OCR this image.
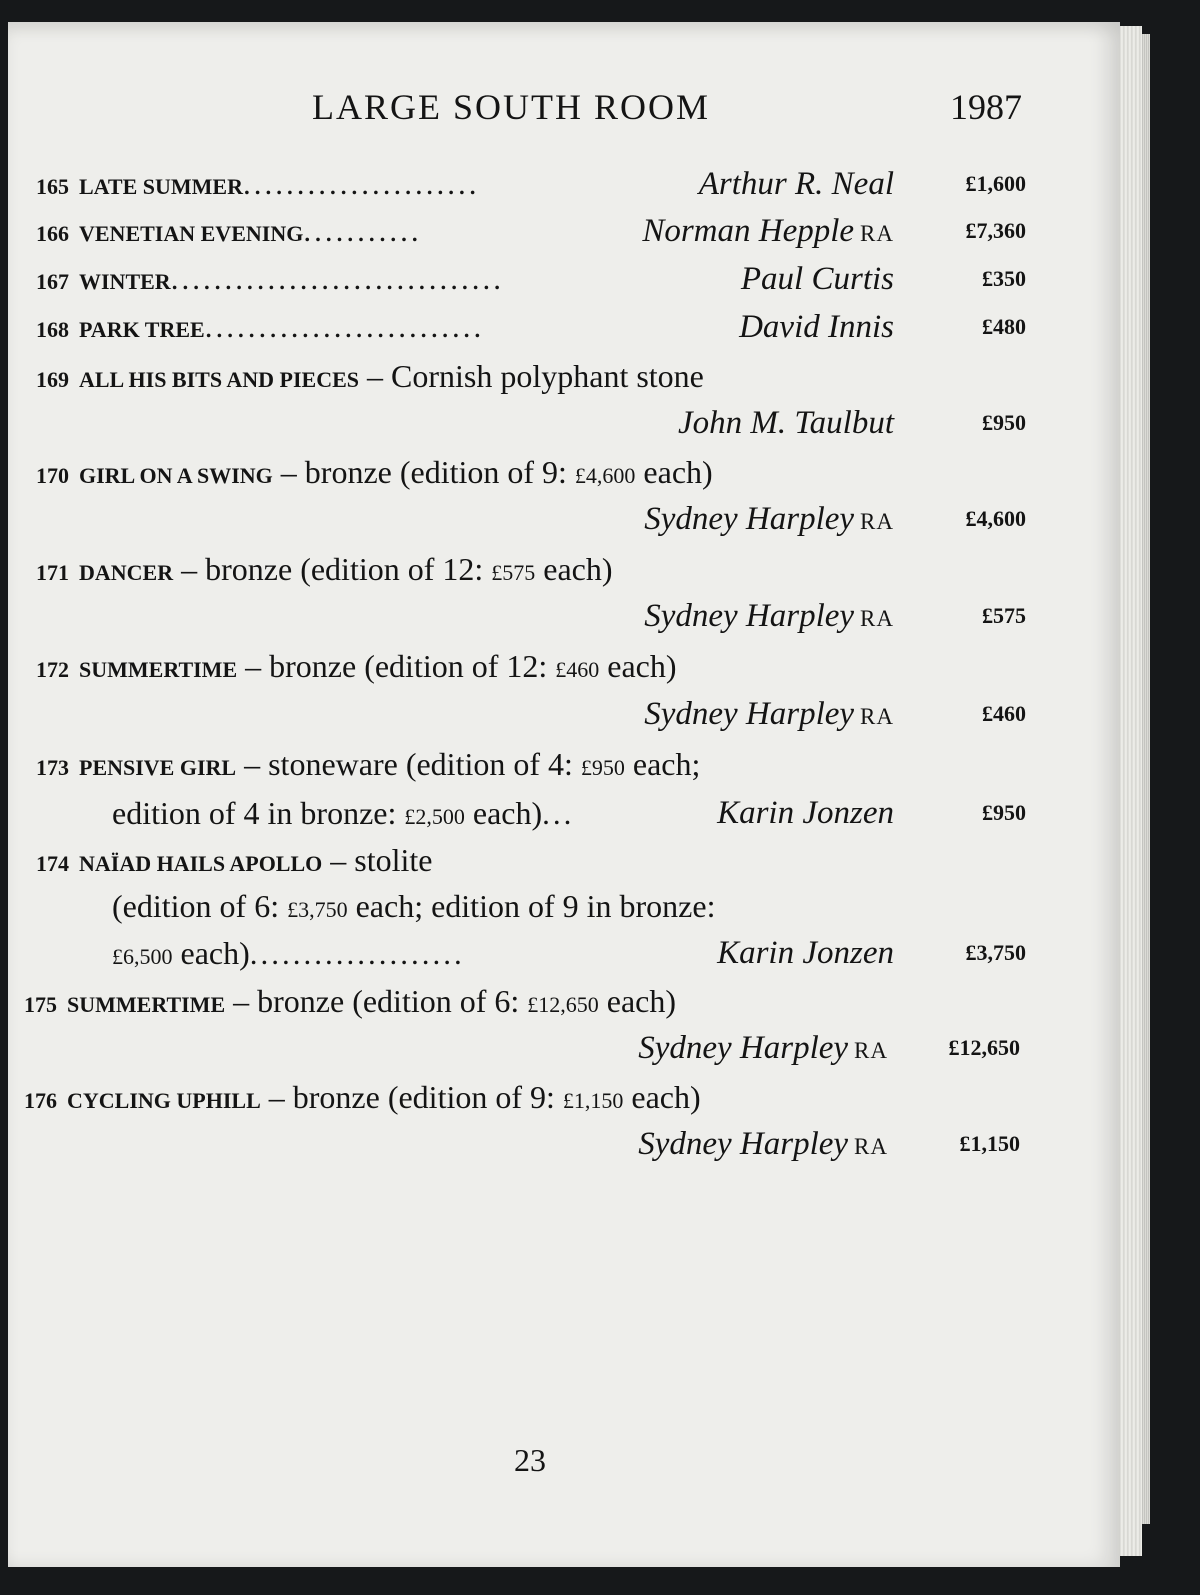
LARGE SOUTH ROOM	1987
165 LATE SUMMER......................	Arthur R. Neal	£1,600
166 VENETIAN EVENING...........	Norman Hepple RA	£7,360
167 WINTER...............................	Paul Curtis	£350
168 PARK TREE..........................	David Innis	£480
169 ALL HIS BITS AND PIECES – Cornish polyphant stone
John M. Taulbut	£950
170 GIRL ON A SWING – bronze (edition of 9: £4,600 each)
Sydney Harpley RA	£4,600
171 DANCER – bronze (edition of 12: £575 each)
Sydney Harpley RA	£575
172 SUMMERTIME – bronze (edition of 12: £460 each)
Sydney Harpley RA	£460
173 PENSIVE GIRL – stoneware (edition of 4: £950 each;
edition of 4 in bronze: £2,500 each)...	Karin Jonzen	£950
174 NAÏAD HAILS APOLLO – stolite
(edition of 6: £3,750 each; edition of 9 in bronze:
£6,500 each)....................	Karin Jonzen	£3,750
175 SUMMERTIME – bronze (edition of 6: £12,650 each)
Sydney Harpley RA	£12,650
176 CYCLING UPHILL – bronze (edition of 9: £1,150 each)
Sydney Harpley RA	£1,150
23
